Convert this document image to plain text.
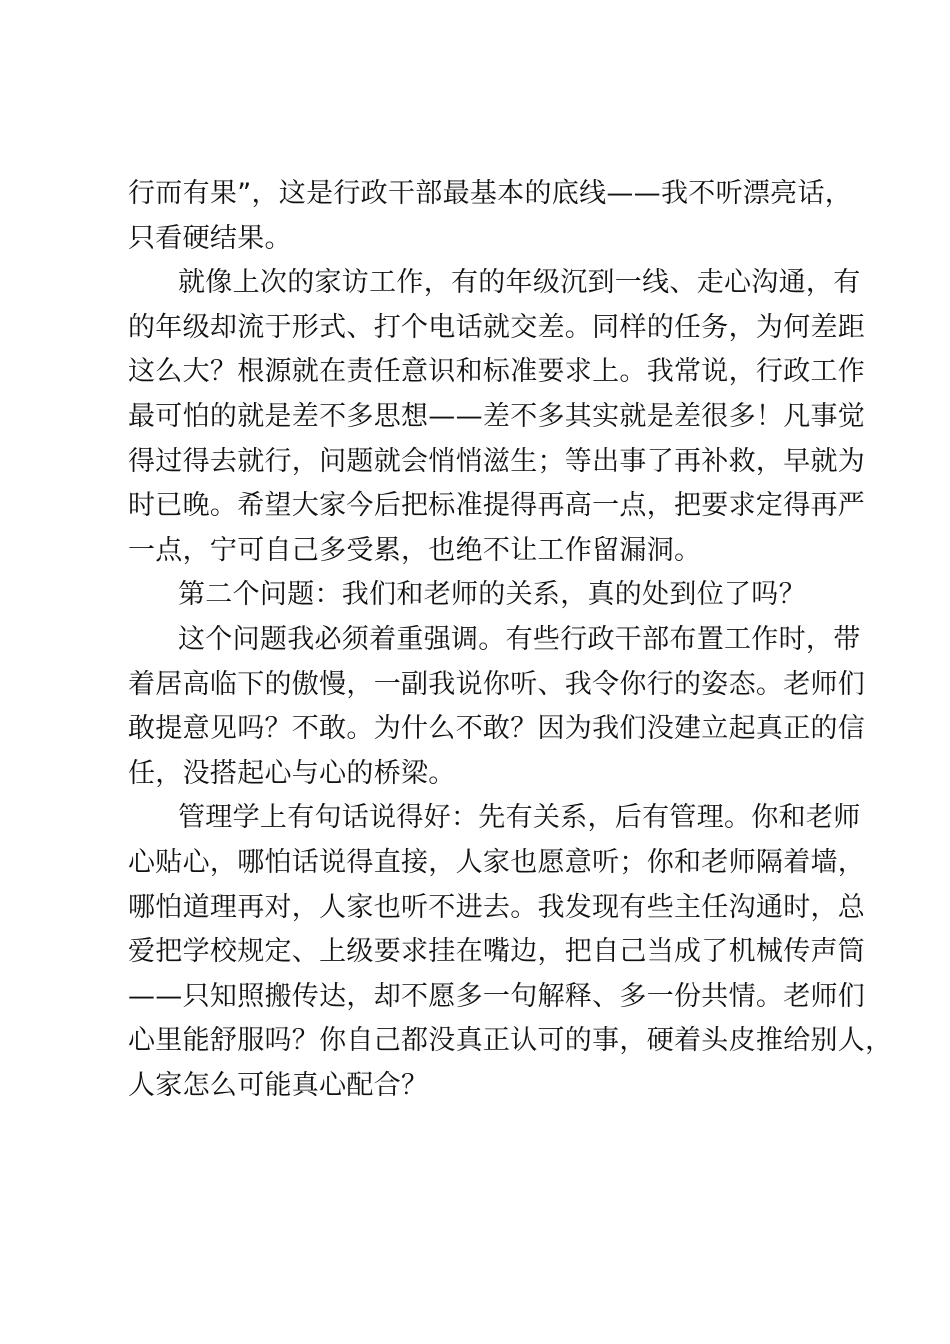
行而有果”，这是行政干部最基本的底线——我不听漂亮话，
只看硬结果。
就像上次的家访工作，有的年级沉到一线、走心沟通，有
的年级却流于形式、打个电话就交差。同样的任务，为何差距
这么大？根源就在责任意识和标准要求上。我常说，行政工作
最可怕的就是差不多思想——差不多其实就是差很多！凡事觉
得过得去就行，问题就会悄悄滋生；等出事了再补救，早就为
时已晚。希望大家今后把标准提得再高一点，把要求定得再严
一点，宁可自己多受累，也绝不让工作留漏洞。
第二个问题：我们和老师的关系，真的处到位了吗？
这个问题我必须着重强调。有些行政干部布置工作时，带
着居高临下的傲慢，一副我说你听、我令你行的姿态。老师们
敢提意见吗？不敢。为什么不敢？因为我们没建立起真正的信
任，没搭起心与心的桥梁。
管理学上有句话说得好：先有关系，后有管理。你和老师
心贴心，哪怕话说得直接，人家也愿意听；你和老师隔着墙，
哪怕道理再对，人家也听不进去。我发现有些主任沟通时，总
爱把学校规定、上级要求挂在嘴边，把自己当成了机械传声筒
——只知照搬传达，却不愿多一句解释、多一份共情。老师们
心里能舒服吗？你自己都没真正认可的事，硬着头皮推给别人，
人家怎么可能真心配合？
